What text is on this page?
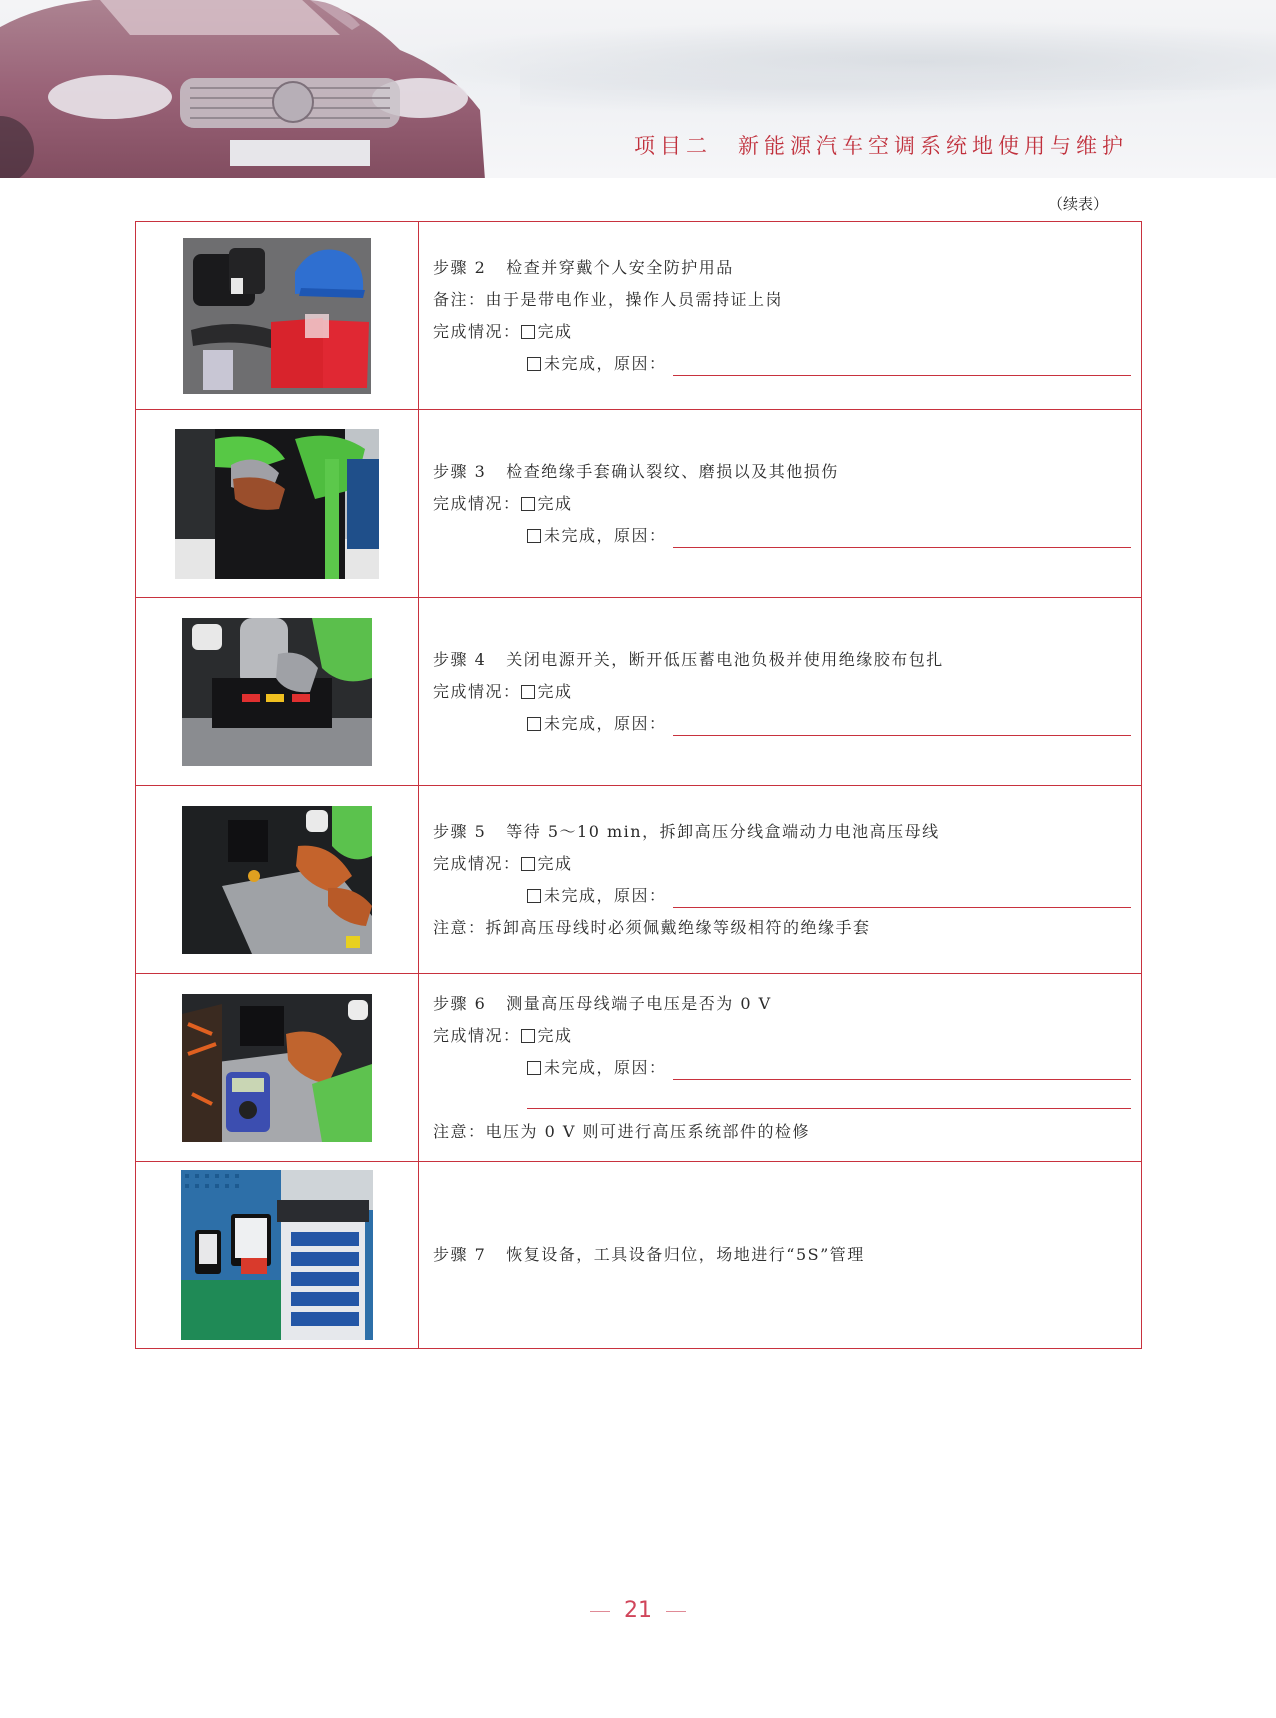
项目二　新能源汽车空调系统地使用与维护
（续表）
步骤 2 检查并穿戴个人安全防护用品
备注：由于是带电作业，操作人员需持证上岗
完成情况： 完成
未完成，原因：
步骤 3 检查绝缘手套确认裂纹、磨损以及其他损伤
完成情况： 完成
未完成，原因：
步骤 4 关闭电源开关，断开低压蓄电池负极并使用绝缘胶布包扎
完成情况： 完成
未完成，原因：
步骤 5 等待 5～10 min，拆卸高压分线盒端动力电池高压母线
完成情况： 完成
未完成，原因：
注意：拆卸高压母线时必须佩戴绝缘等级相符的绝缘手套
步骤 6 测量高压母线端子电压是否为 0 V
完成情况： 完成
未完成，原因：
注意：电压为 0 V 则可进行高压系统部件的检修
步骤 7 恢复设备，工具设备归位，场地进行“5S”管理
21
